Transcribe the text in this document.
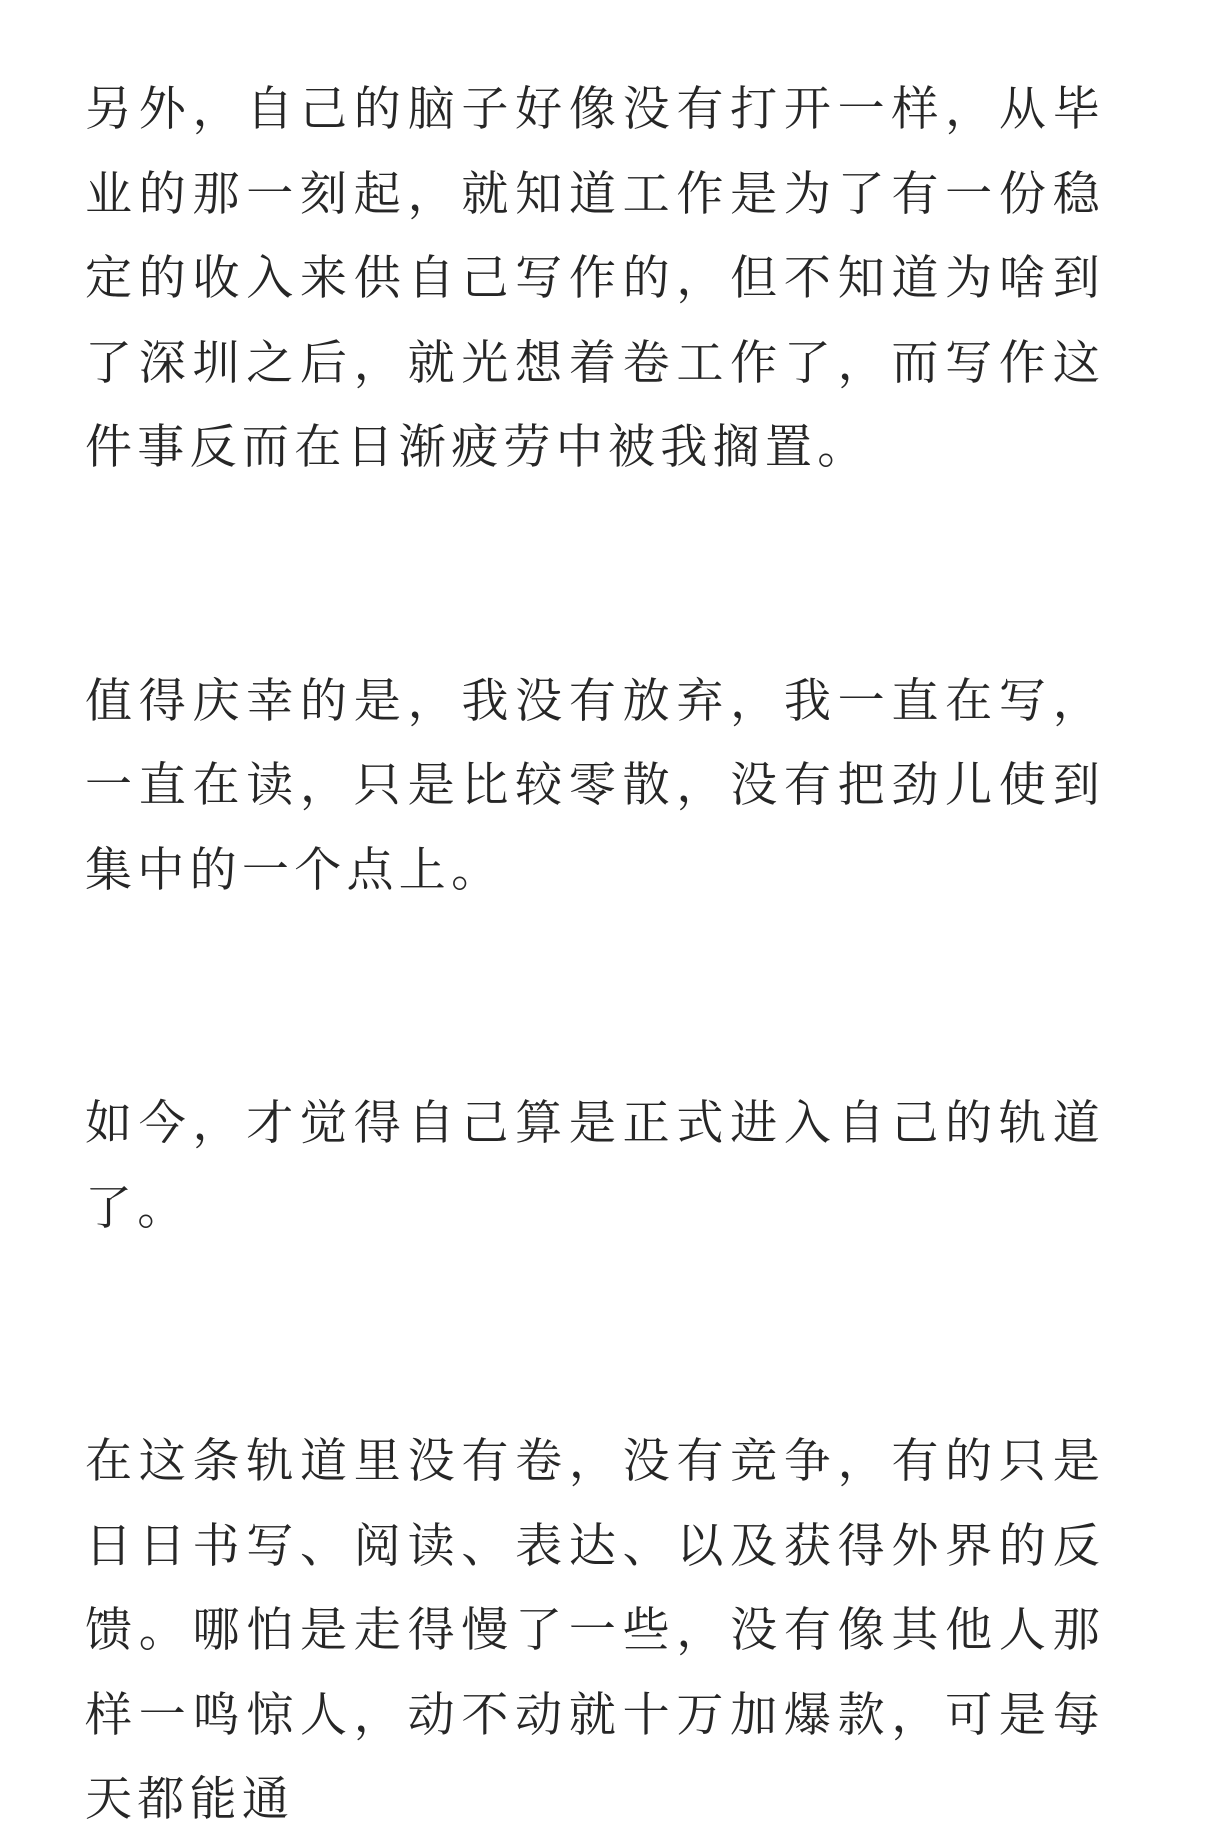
另外，自己的脑子好像没有打开一样，从毕业的那一刻起，就知道工作是为了有一份稳定的收入来供自己写作的，但不知道为啥到了深圳之后，就光想着卷工作了，而写作这件事反而在日渐疲劳中被我搁置。

值得庆幸的是，我没有放弃，我一直在写，一直在读，只是比较零散，没有把劲儿使到集中的一个点上。

如今，才觉得自己算是正式进入自己的轨道了。

在这条轨道里没有卷，没有竞争，有的只是日日书写、阅读、表达、以及获得外界的反馈。哪怕是走得慢了一些，没有像其他人那样一鸣惊人，动不动就十万加爆款，可是每天都能通
